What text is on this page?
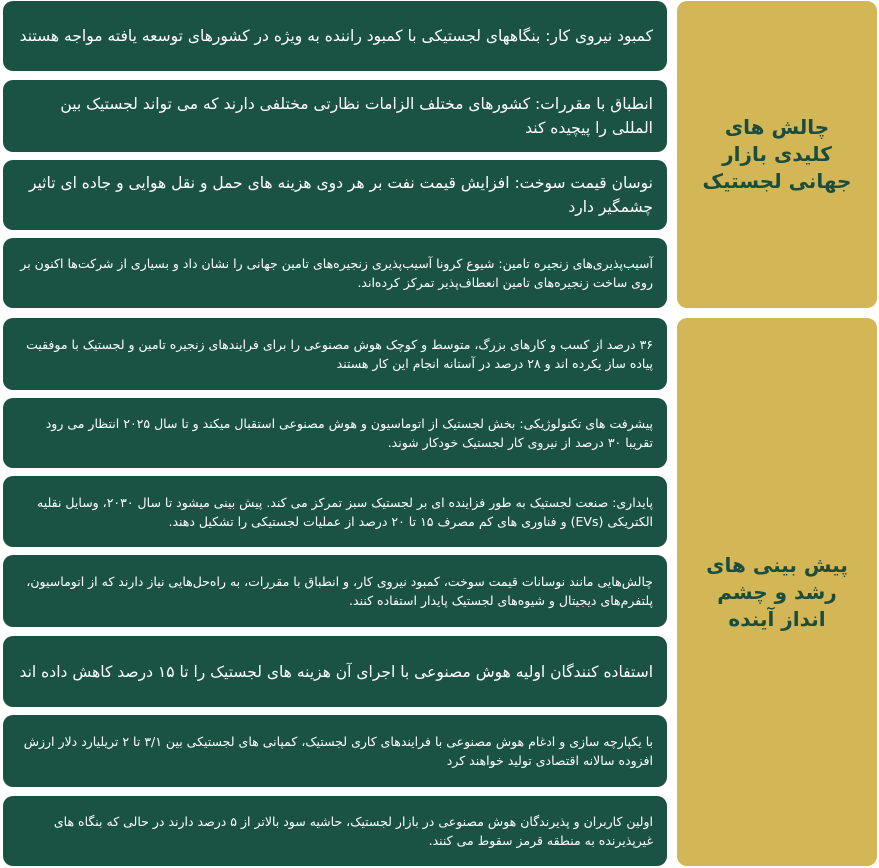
چالش های کلیدی بازار جهانی لجستیک
کمبود نیروی کار: بنگاههای لجستیکی با کمبود راننده به ویژه در کشورهای توسعه یافته مواجه هستند
انطباق با مقررات: کشورهای مختلف الزامات نظارتی مختلفی دارند که می تواند لجستیک بین المللی را پیچیده کند
نوسان قیمت سوخت: افزایش قیمت نفت بر هر دوی هزینه های حمل و نقل هوایی و جاده ای تاثیر چشمگیر دارد
آسیب‌پذیری‌های زنجیره تامین: شیوع کرونا آسیب‌پذیری زنجیره‌های تامین جهانی را نشان داد و بسیاری از شرکت‌ها اکنون بر روی ساخت زنجیره‌های تامین انعطاف‌پذیر تمرکز کرده‌اند.
پیش بینی های رشد و چشم انداز آینده
۳۶ درصد از کسب و کارهای بزرگ، متوسط و کوچک هوش مصنوعی را برای فرایندهای زنجیره تامین و لجستیک با موفقیت پیاده ساز یکرده اند و ۲۸ درصد در آستانه انجام این کار هستند
پیشرفت های تکنولوژیکی: بخش لجستیک از اتوماسیون و هوش مصنوعی استقبال میکند و تا سال ۲۰۲۵ انتظار می رود تقریبا ۳۰ درصد از نیروی کار لجستیک خودکار شوند.
پایداری: صنعت لجستیک به طور فزاینده ای بر لجستیک سبز تمرکز می کند. پیش بینی میشود تا سال ۲۰۳۰، وسایل نقلیه الکتریکی (EVs) و فناوری های کم مصرف ۱۵ تا ۲۰ درصد از عملیات لجستیکی را تشکیل دهند.
چالش‌هایی مانند نوسانات قیمت سوخت، کمبود نیروی کار، و انطباق با مقررات، به راه‌حل‌هایی نیاز دارند که از اتوماسیون، پلتفرم‌های دیجیتال و شیوه‌های لجستیک پایدار استفاده کنند.
استفاده کنندگان اولیه هوش مصنوعی با اجرای آن هزینه های لجستیک را تا ۱۵ درصد کاهش داده اند
با یکپارچه سازی و ادغام هوش مصنوعی با فرایندهای کاری لجستیک، کمپانی های لجستیکی بین ۳/۱ تا ۲ تریلیارد دلار ارزش افزوده سالانه اقتصادی تولید خواهند کرد
اولین کاربران و پذیرندگان هوش مصنوعی در بازار لجستیک، حاشیه سود بالاتر از ۵ درصد دارند در حالی که بنگاه های غیرپذیرنده به منطقه قرمز سقوط می کنند.
